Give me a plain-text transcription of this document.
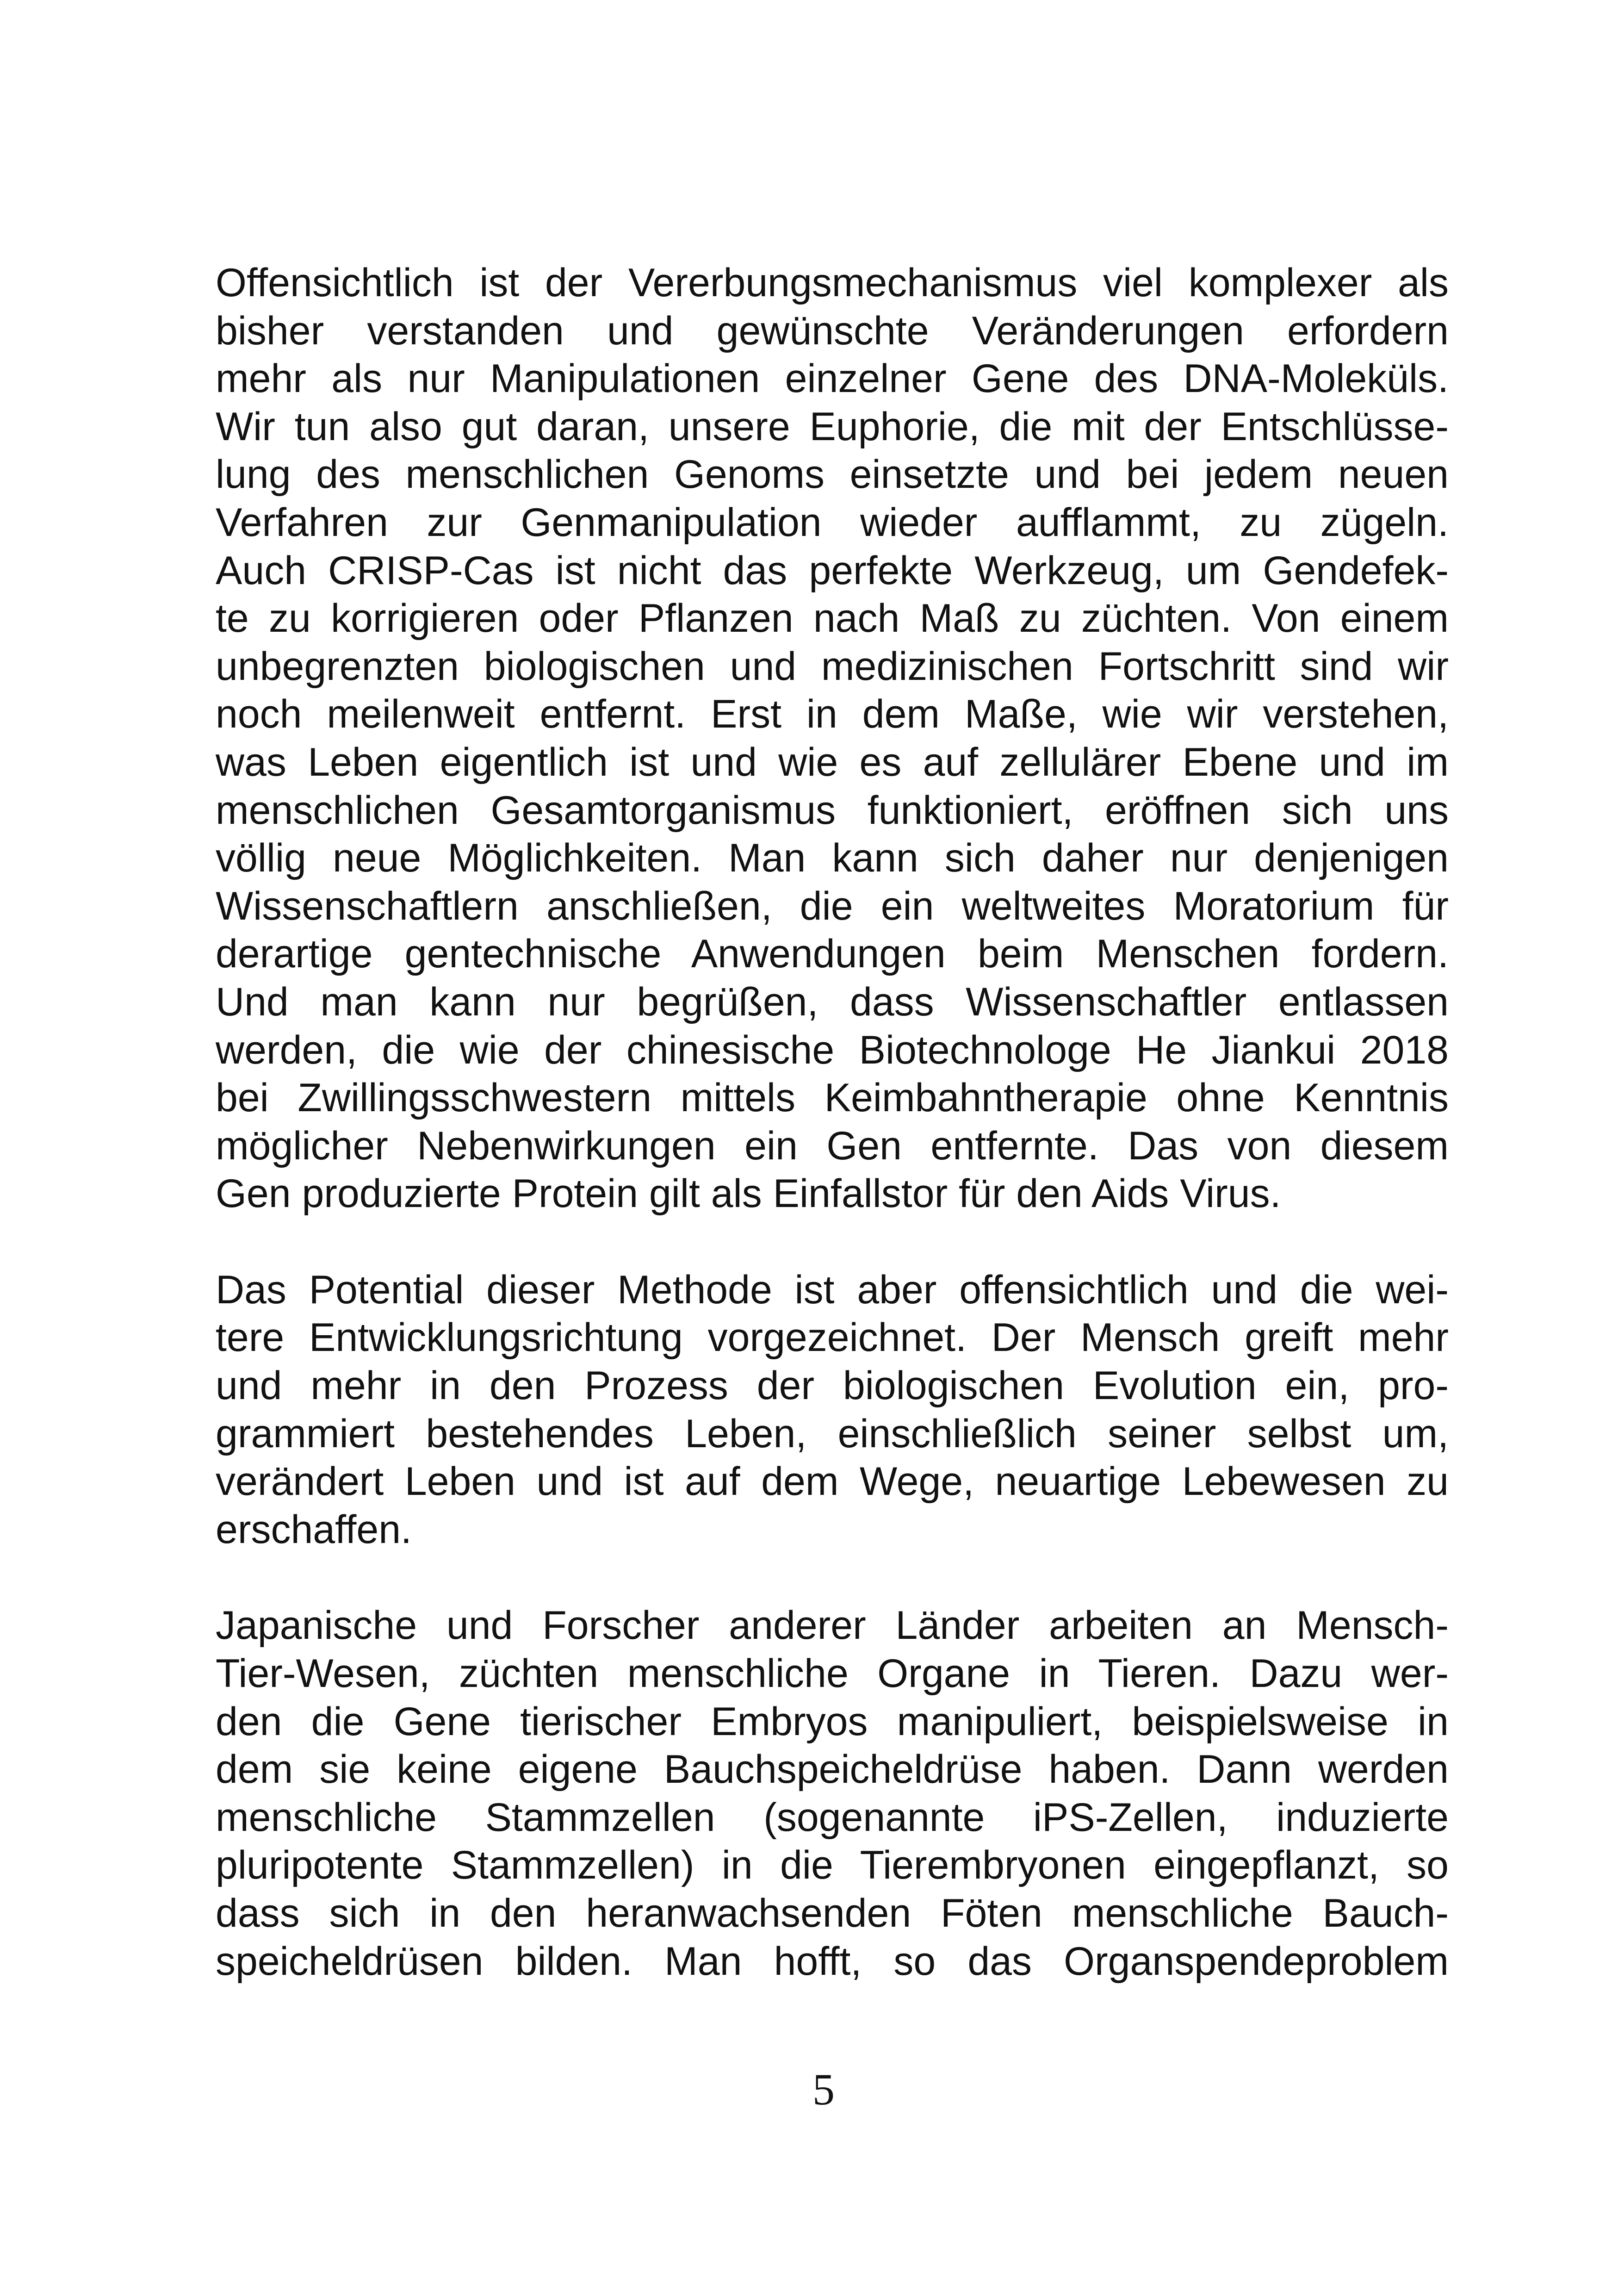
Offensichtlich ist der Vererbungsmechanismus viel komplexer als
bisher verstanden und gewünschte Veränderungen erfordern
mehr als nur Manipulationen einzelner Gene des DNA-Moleküls.
Wir tun also gut daran, unsere Euphorie, die mit der Entschlüsse-
lung des menschlichen Genoms einsetzte und bei jedem neuen
Verfahren zur Genmanipulation wieder aufflammt, zu zügeln.
Auch CRISP-Cas ist nicht das perfekte Werkzeug, um Gendefek-
te zu korrigieren oder Pflanzen nach Maß zu züchten. Von einem
unbegrenzten biologischen und medizinischen Fortschritt sind wir
noch meilenweit entfernt. Erst in dem Maße, wie wir verstehen,
was Leben eigentlich ist und wie es auf zellulärer Ebene und im
menschlichen Gesamtorganismus funktioniert, eröffnen sich uns
völlig neue Möglichkeiten. Man kann sich daher nur denjenigen
Wissenschaftlern anschließen, die ein weltweites Moratorium für
derartige gentechnische Anwendungen beim Menschen fordern.
Und man kann nur begrüßen, dass Wissenschaftler entlassen
werden, die wie der chinesische Biotechnologe He Jiankui 2018
bei Zwillingsschwestern mittels Keimbahntherapie ohne Kenntnis
möglicher Nebenwirkungen ein Gen entfernte. Das von diesem
Gen produzierte Protein gilt als Einfallstor für den Aids Virus.
Das Potential dieser Methode ist aber offensichtlich und die wei-
tere Entwicklungsrichtung vorgezeichnet. Der Mensch greift mehr
und mehr in den Prozess der biologischen Evolution ein, pro-
grammiert bestehendes Leben, einschließlich seiner selbst um,
verändert Leben und ist auf dem Wege, neuartige Lebewesen zu
erschaffen.
Japanische und Forscher anderer Länder arbeiten an Mensch-
Tier-Wesen, züchten menschliche Organe in Tieren. Dazu wer-
den die Gene tierischer Embryos manipuliert, beispielsweise in
dem sie keine eigene Bauchspeicheldrüse haben. Dann werden
menschliche Stammzellen (sogenannte iPS-Zellen, induzierte
pluripotente Stammzellen) in die Tierembryonen eingepflanzt, so
dass sich in den heranwachsenden Föten menschliche Bauch-
speicheldrüsen bilden. Man hofft, so das Organspendeproblem
5
